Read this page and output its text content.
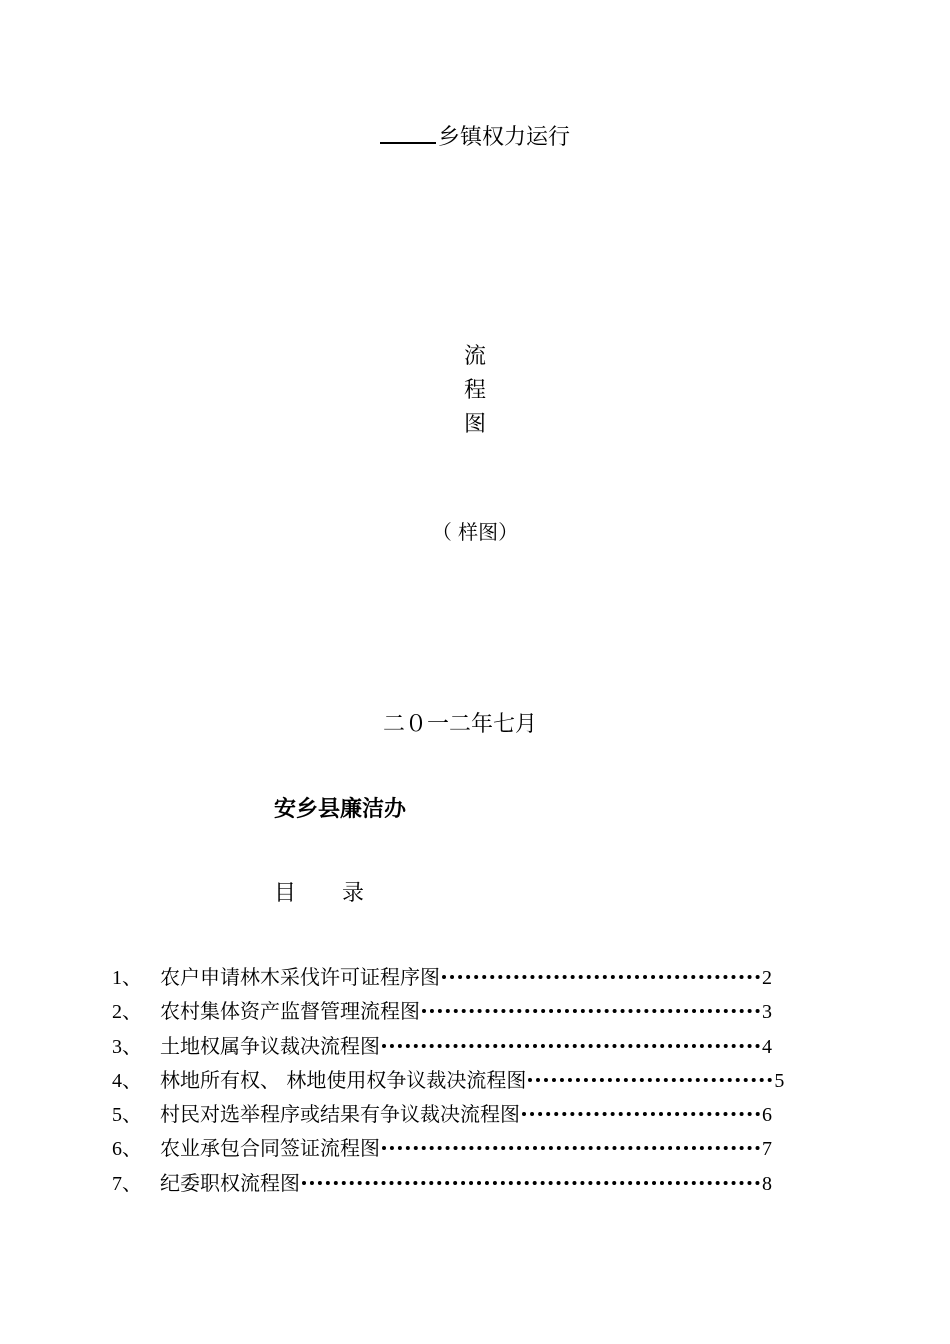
乡镇权力运行
流
程
图
（ 样图）
二０一二年七月
安乡县廉洁办
目 录
1、 农户申请林木采伐许可证程序图	2
2、 农村集体资产监督管理流程图	3
3、 土地权属争议裁决流程图	4
4、 林地所有权、 林地使用权争议裁决流程图	5
5、 村民对选举程序或结果有争议裁决流程图	6
6、 农业承包合同签证流程图	7
7、 纪委职权流程图	8
